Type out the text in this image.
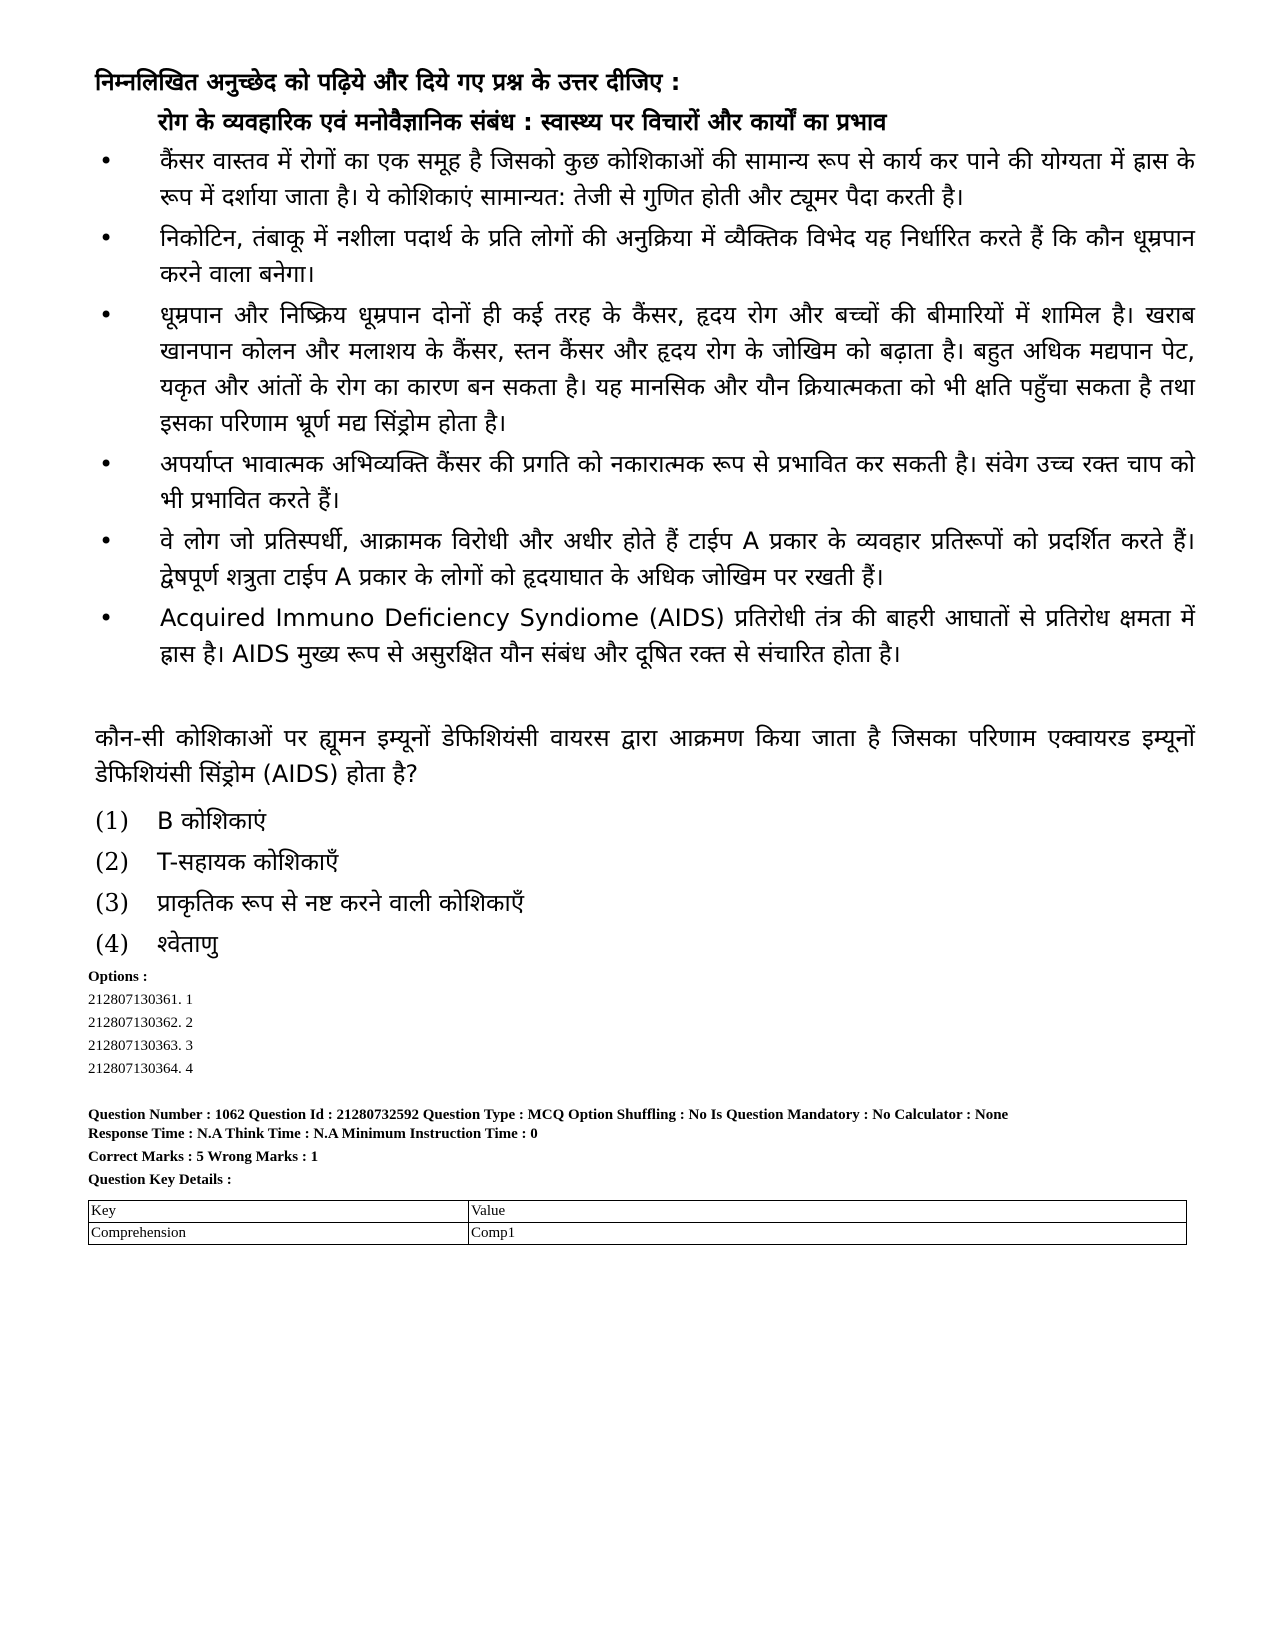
निम्नलिखित अनुच्छेद को पढ़िये और दिये गए प्रश्न के उत्तर दीजिए :
रोग के व्यवहारिक एवं मनोवैज्ञानिक संबंध : स्वास्थ्य पर विचारों और कार्यों का प्रभाव
• कैंसर वास्तव में रोगों का एक समूह है जिसको कुछ कोशिकाओं की सामान्य रूप से कार्य कर पाने की योग्यता में ह्रास के रूप में दर्शाया जाता है। ये कोशिकाएं सामान्यत: तेजी से गुणित होती और ट्यूमर पैदा करती है।
• निकोटिन, तंबाकू में नशीला पदार्थ के प्रति लोगों की अनुक्रिया में व्यैक्तिक विभेद यह निर्धारित करते हैं कि कौन धूम्रपान करने वाला बनेगा।
• धूम्रपान और निष्क्रिय धूम्रपान दोनों ही कई तरह के कैंसर, हृदय रोग और बच्चों की बीमारियों में शामिल है। खराब खानपान कोलन और मलाशय के कैंसर, स्तन कैंसर और हृदय रोग के जोखिम को बढ़ाता है। बहुत अधिक मद्यपान पेट, यकृत और आंतों के रोग का कारण बन सकता है। यह मानसिक और यौन क्रियात्मकता को भी क्षति पहुँचा सकता है तथा इसका परिणाम भ्रूर्ण मद्य सिंड्रोम होता है।
• अपर्याप्त भावात्मक अभिव्यक्ति कैंसर की प्रगति को नकारात्मक रूप से प्रभावित कर सकती है। संवेग उच्च रक्त चाप को भी प्रभावित करते हैं।
• वे लोग जो प्रतिस्पर्धी, आक्रामक विरोधी और अधीर होते हैं टाईप A प्रकार के व्यवहार प्रतिरूपों को प्रदर्शित करते हैं। द्वेषपूर्ण शत्रुता टाईप A प्रकार के लोगों को हृदयाघात के अधिक जोखिम पर रखती हैं।
• Acquired Immuno Deficiency Syndiome (AIDS) प्रतिरोधी तंत्र की बाहरी आघातों से प्रतिरोध क्षमता में ह्रास है। AIDS मुख्य रूप से असुरक्षित यौन संबंध और दूषित रक्त से संचारित होता है।
कौन-सी कोशिकाओं पर ह्यूमन इम्यूनों डेफिशियंसी वायरस द्वारा आक्रमण किया जाता है जिसका परिणाम एक्वायरड इम्यूनों डेफिशियंसी सिंड्रोम (AIDS) होता है?
(1)	B कोशिकाएं
(2)	T-सहायक कोशिकाएँ
(3)	प्राकृतिक रूप से नष्ट करने वाली कोशिकाएँ
(4)	श्वेताणु
Options :
212807130361. 1
212807130362. 2
212807130363. 3
212807130364. 4
Question Number : 1062 Question Id : 21280732592 Question Type : MCQ Option Shuffling : No Is Question Mandatory : No Calculator : None
Response Time : N.A Think Time : N.A Minimum Instruction Time : 0
Correct Marks : 5 Wrong Marks : 1
Question Key Details :
Key	Value
Comprehension	Comp1
